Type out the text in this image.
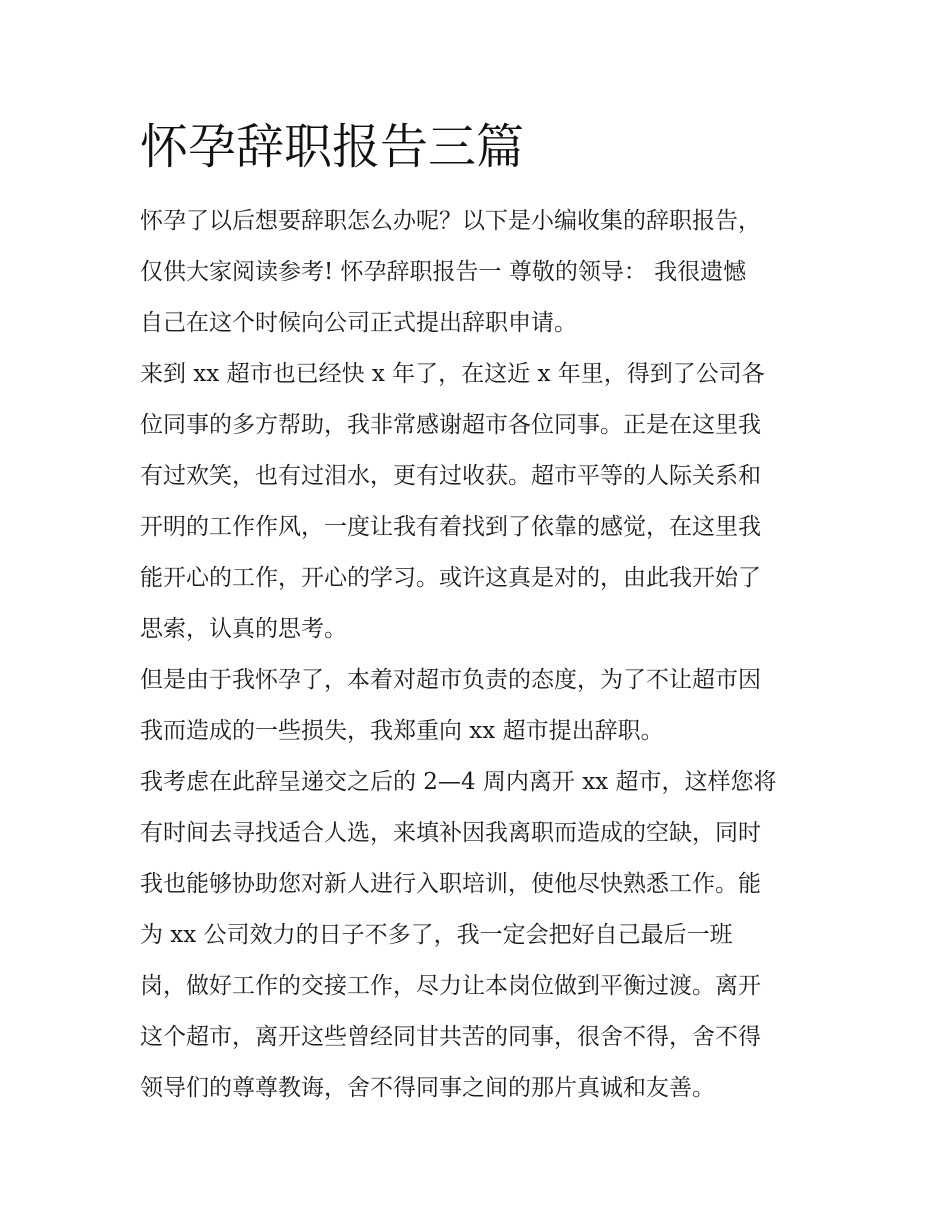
怀孕辞职报告三篇
怀孕了以后想要辞职怎么办呢？以下是小编收集的辞职报告，
仅供大家阅读参考! 怀孕辞职报告一 尊敬的领导： 我很遗憾
自己在这个时候向公司正式提出辞职申请。
来到 xx 超市也已经快 x 年了，在这近 x 年里，得到了公司各
位同事的多方帮助，我非常感谢超市各位同事。正是在这里我
有过欢笑，也有过泪水，更有过收获。超市平等的人际关系和
开明的工作作风，一度让我有着找到了依靠的感觉，在这里我
能开心的工作，开心的学习。或许这真是对的，由此我开始了
思索，认真的思考。
但是由于我怀孕了，本着对超市负责的态度，为了不让超市因
我而造成的一些损失，我郑重向 xx 超市提出辞职。
我考虑在此辞呈递交之后的 2—4 周内离开 xx 超市，这样您将
有时间去寻找适合人选，来填补因我离职而造成的空缺，同时
我也能够协助您对新人进行入职培训，使他尽快熟悉工作。能
为 xx 公司效力的日子不多了，我一定会把好自己最后一班
岗，做好工作的交接工作，尽力让本岗位做到平衡过渡。离开
这个超市，离开这些曾经同甘共苦的同事，很舍不得，舍不得
领导们的尊尊教诲，舍不得同事之间的那片真诚和友善。
